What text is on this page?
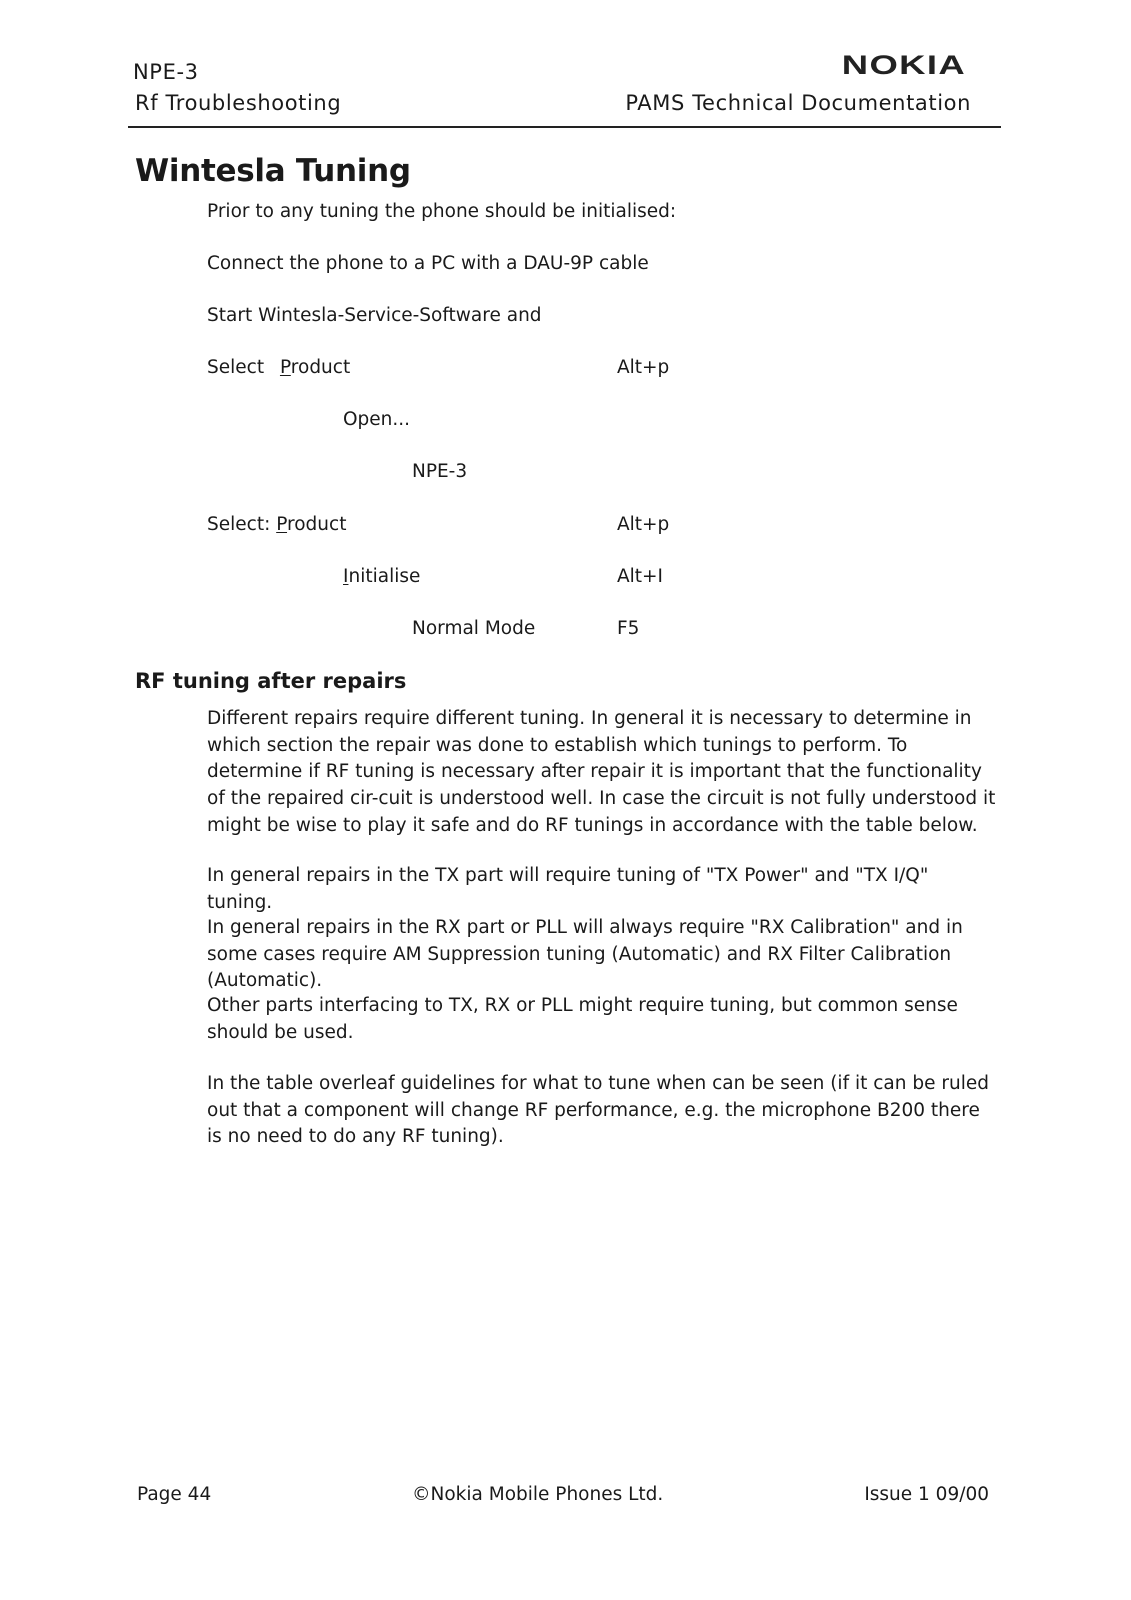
NPE-3	NOKIA
Rf Troubleshooting	PAMS Technical Documentation
Wintesla Tuning
Prior to any tuning the phone should be initialised:
Connect the phone to a PC with a DAU-9P cable
Start Wintesla-Service-Software and
Select Product	Alt+p
Open...
NPE-3
Select: Product	Alt+p
Initialise	Alt+I
Normal Mode	F5
RF tuning after repairs
Different repairs require different tuning. In general it is necessary to determine in which section the repair was done to establish which tunings to perform. To determine if RF tuning is necessary after repair it is important that the functionality of the repaired cir-cuit is understood well. In case the circuit is not fully understood it might be wise to play it safe and do RF tunings in accordance with the table below.
In general repairs in the TX part will require tuning of "TX Power" and "TX I/Q" tuning.
In general repairs in the RX part or PLL will always require "RX Calibration" and in some cases require AM Suppression tuning (Automatic) and RX Filter Calibration (Automatic).
Other parts interfacing to TX, RX or PLL might require tuning, but common sense should be used.
In the table overleaf guidelines for what to tune when can be seen (if it can be ruled out that a component will change RF performance, e.g. the microphone B200 there is no need to do any RF tuning).
Page 44	©Nokia Mobile Phones Ltd.	Issue 1 09/00
